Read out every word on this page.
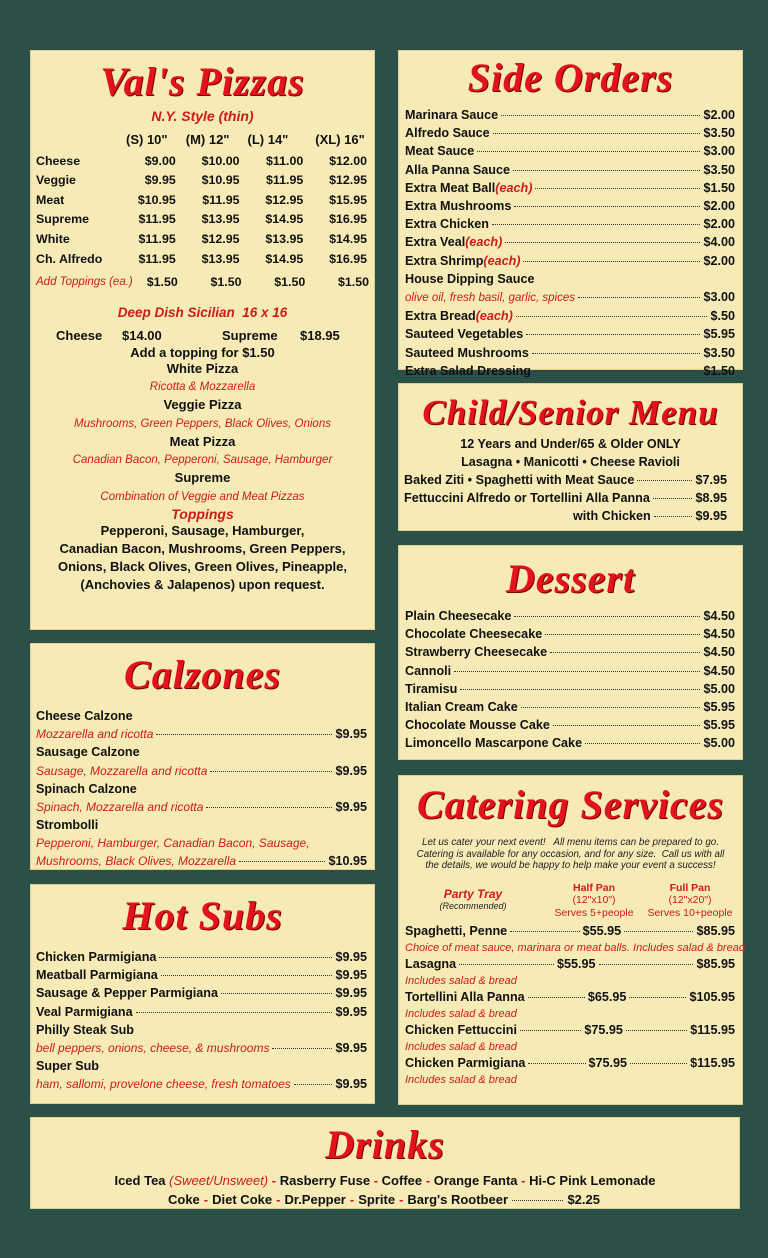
Val's Pizzas
N.Y. Style (thin)
(S) 10"	(M) 12"	(L) 14"	(XL) 16"
Cheese	$9.00	$10.00	$11.00	$12.00
Veggie	$9.95	$10.95	$11.95	$12.95
Meat	$10.95	$11.95	$12.95	$15.95
Supreme	$11.95	$13.95	$14.95	$16.95
White	$11.95	$12.95	$13.95	$14.95
Ch. Alfredo	$11.95	$13.95	$14.95	$16.95
Add Toppings (ea.)	$1.50	$1.50	$1.50	$1.50
Deep Dish Sicilian  16 x 16
Cheese	$14.00	Supreme	$18.95
Add a topping for $1.50
White Pizza
Ricotta & Mozzarella
Veggie Pizza
Mushrooms, Green Peppers, Black Olives, Onions
Meat Pizza
Canadian Bacon, Pepperoni, Sausage, Hamburger
Supreme
Combination of Veggie and Meat Pizzas
Toppings
Pepperoni, Sausage, Hamburger,
Canadian Bacon, Mushrooms, Green Peppers,
Onions, Black Olives, Green Olives, Pineapple,
(Anchovies & Jalapenos) upon request.
Calzones
Cheese Calzone
Mozzarella and ricotta	$9.95
Sausage Calzone
Sausage, Mozzarella and ricotta	$9.95
Spinach Calzone
Spinach, Mozzarella and ricotta	$9.95
Strombolli
Pepperoni, Hamburger, Canadian Bacon, Sausage,
Mushrooms, Black Olives, Mozzarella	$10.95
Hot Subs
Chicken Parmigiana	$9.95
Meatball Parmigiana	$9.95
Sausage & Pepper Parmigiana	$9.95
Veal Parmigiana	$9.95
Philly Steak Sub
bell peppers, onions, cheese, & mushrooms	$9.95
Super Sub
ham, sallomi, provelone cheese, fresh tomatoes	$9.95
Side Orders
Marinara Sauce	$2.00
Alfredo Sauce	$3.50
Meat Sauce	$3.00
Alla Panna Sauce	$3.50
Extra Meat Ball (each)	$1.50
Extra Mushrooms	$2.00
Extra Chicken	$2.00
Extra Veal (each)	$4.00
Extra Shrimp (each)	$2.00
House Dipping Sauce
olive oil, fresh basil, garlic, spices	$3.00
Extra Bread (each)	$.50
Sauteed Vegetables	$5.95
Sauteed Mushrooms	$3.50
Extra Salad Dressing	$1.50
Child/Senior Menu
12 Years and Under/65 & Older ONLY
Lasagna • Manicotti • Cheese Ravioli
Baked Ziti • Spaghetti with Meat Sauce	$7.95
Fettuccini Alfredo or Tortellini Alla Panna	$8.95
with Chicken	$9.95
Dessert
Plain Cheesecake	$4.50
Chocolate Cheesecake	$4.50
Strawberry Cheesecake	$4.50
Cannoli	$4.50
Tiramisu	$5.00
Italian Cream Cake	$5.95
Chocolate Mousse Cake	$5.95
Limoncello Mascarpone Cake	$5.00
Catering Services
Let us cater your next event!   All menu items can be prepared to go.
Catering is available for any occasion, and for any size.  Call us with all
the details, we would be happy to help make your event a success!
Party Tray
(Recommended)
Half Pan
(12"x10")
Serves 5+people
Full Pan
(12"x20")
Serves 10+people
Spaghetti, Penne	$55.95	$85.95
Choice of meat sauce, marinara or meat balls. Includes salad & bread
Lasagna	$55.95	$85.95
Includes salad & bread
Tortellini Alla Panna	$65.95	$105.95
Includes salad & bread
Chicken Fettuccini	$75.95	$115.95
Includes salad & bread
Chicken Parmigiana	$75.95	$115.95
Includes salad & bread
Drinks
Iced Tea (Sweet/Unsweet) - Rasberry Fuse - Coffee - Orange Fanta - Hi-C Pink Lemonade
Coke - Diet Coke - Dr.Pepper - Sprite - Barg's Rootbeer	$2.25
